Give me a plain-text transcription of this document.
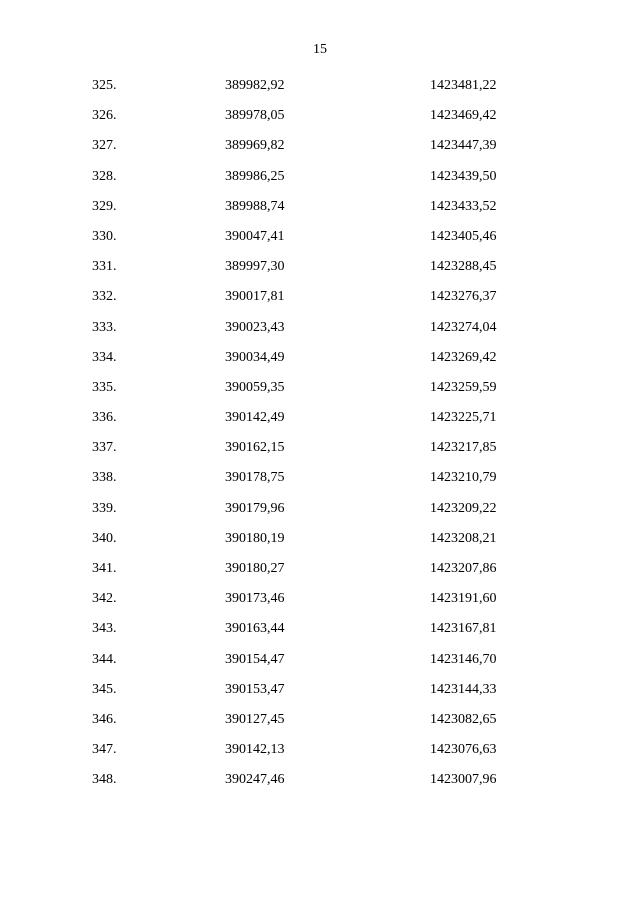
15
325.	389982,92	1423481,22
326.	389978,05	1423469,42
327.	389969,82	1423447,39
328.	389986,25	1423439,50
329.	389988,74	1423433,52
330.	390047,41	1423405,46
331.	389997,30	1423288,45
332.	390017,81	1423276,37
333.	390023,43	1423274,04
334.	390034,49	1423269,42
335.	390059,35	1423259,59
336.	390142,49	1423225,71
337.	390162,15	1423217,85
338.	390178,75	1423210,79
339.	390179,96	1423209,22
340.	390180,19	1423208,21
341.	390180,27	1423207,86
342.	390173,46	1423191,60
343.	390163,44	1423167,81
344.	390154,47	1423146,70
345.	390153,47	1423144,33
346.	390127,45	1423082,65
347.	390142,13	1423076,63
348.	390247,46	1423007,96
